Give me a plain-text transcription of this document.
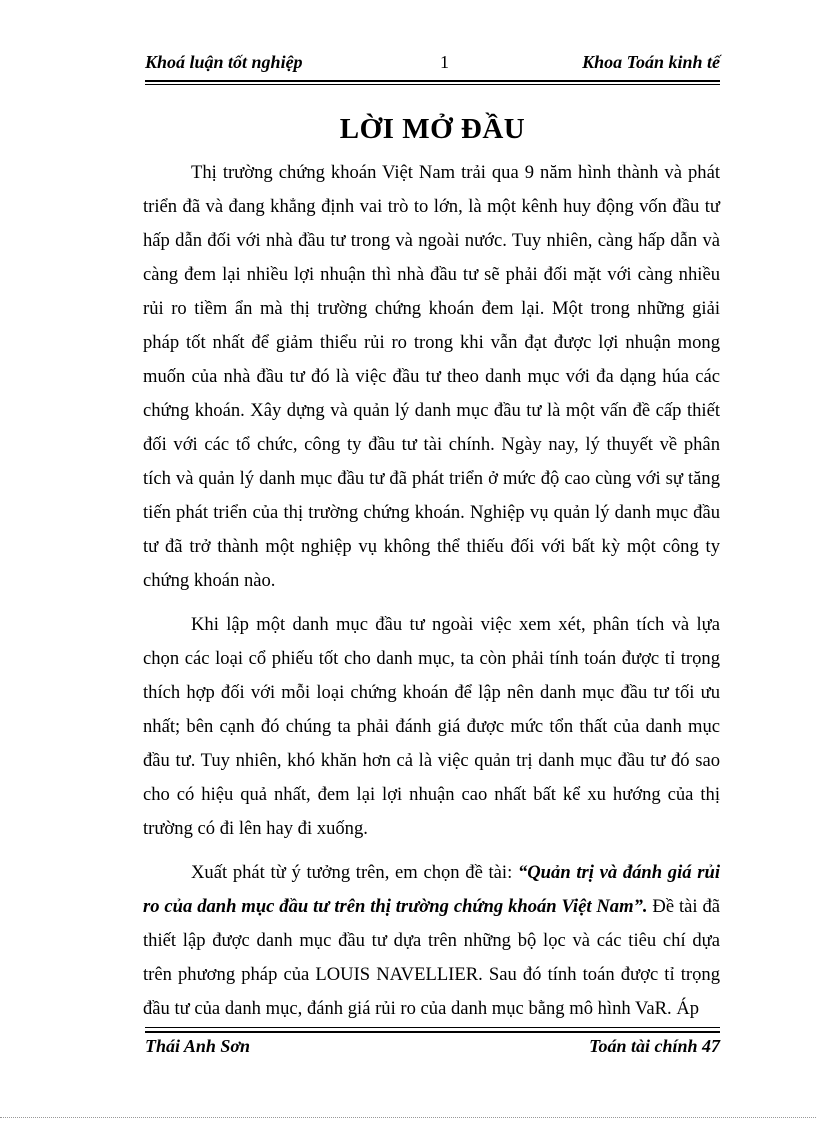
Khoá luận tốt nghiệp	1	Khoa Toán kinh tế
LỜI MỞ ĐẦU

Thị trường chứng khoán Việt Nam trải qua 9 năm hình thành và phát triển đã và đang khẳng định vai trò to lớn, là một kênh huy động vốn đầu tư hấp dẫn đối với nhà đầu tư trong và ngoài nước. Tuy nhiên, càng hấp dẫn và càng đem lại nhiều lợi nhuận thì nhà đầu tư sẽ phải đối mặt với càng nhiều rủi ro tiềm ẩn mà thị trường chứng khoán đem lại. Một trong những giải pháp tốt nhất để giảm thiểu rủi ro trong khi vẫn đạt được lợi nhuận mong muốn của nhà đầu tư đó là việc đầu tư theo danh mục với đa dạng húa các chứng khoán. Xây dựng và quản lý danh mục đầu tư là một vấn đề cấp thiết đối với các tổ chức, công ty đầu tư tài chính. Ngày nay, lý thuyết về phân tích và quản lý danh mục đầu tư đã phát triển ở mức độ cao cùng với sự tăng tiến phát triển của thị trường chứng khoán. Nghiệp vụ quản lý danh mục đầu tư đã trở thành một nghiệp vụ không thể thiếu đối với bất kỳ một công ty chứng khoán nào.

Khi lập một danh mục đầu tư ngoài việc xem xét, phân tích và lựa chọn các loại cổ phiếu tốt cho danh mục, ta còn phải tính toán được tỉ trọng thích hợp đối với mỗi loại chứng khoán để lập nên danh mục đầu tư tối ưu nhất; bên cạnh đó chúng ta phải đánh giá được mức tổn thất của danh mục đầu tư. Tuy nhiên, khó khăn hơn cả là việc quản trị danh mục đầu tư đó sao cho có hiệu quả nhất, đem lại lợi nhuận cao nhất bất kể xu hướng của thị trường có đi lên hay đi xuống.

Xuất phát từ ý tưởng trên, em chọn đề tài: “Quản trị và đánh giá rủi ro của danh mục đầu tư trên thị trường chứng khoán Việt Nam”. Đề tài đã thiết lập được danh mục đầu tư dựa trên những bộ lọc và các tiêu chí dựa trên phương pháp của LOUIS NAVELLIER. Sau đó tính toán được tỉ trọng đầu tư của danh mục, đánh giá rủi ro của danh mục bằng mô hình VaR. Áp

Thái Anh Sơn	Toán tài chính 47
